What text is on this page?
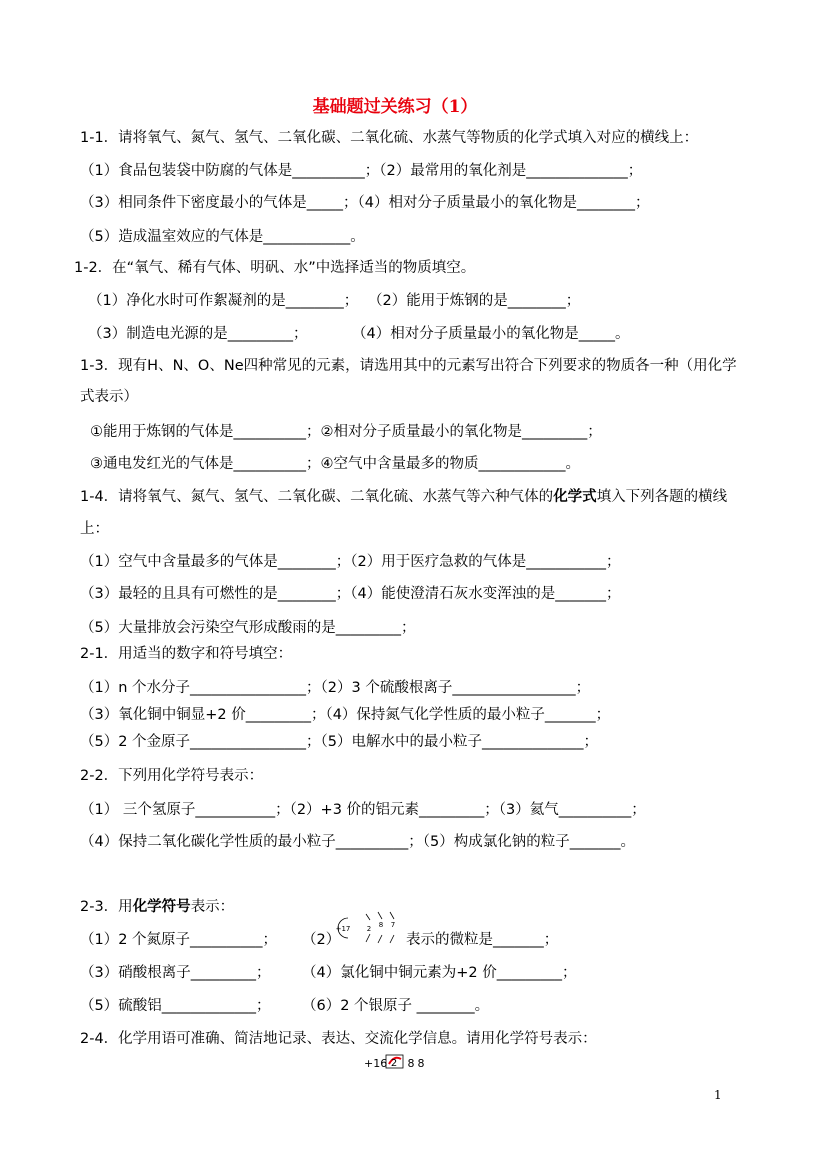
基础题过关练习（1）
1-1．请将氧气、氮气、氢气、二氧化碳、二氧化硫、水蒸气等物质的化学式填入对应的横线上：
（1）食品包装袋中防腐的气体是__________；（2）最常用的氧化剂是______________；
（3）相同条件下密度最小的气体是_____；（4）相对分子质量最小的氧化物是________；
（5）造成温室效应的气体是____________。
1-2．在“氧气、稀有气体、明矾、水”中选择适当的物质填空。
（1）净化水时可作絮凝剂的是________； （2）能用于炼钢的是________；
（3）制造电光源的是_________；	（4）相对分子质量最小的氧化物是_____。
1-3．现有H、N、O、Ne四种常见的元素，请选用其中的元素写出符合下列要求的物质各一种（用化学
式表示）
①能用于炼钢的气体是__________；②相对分子质量最小的氧化物是_________；
③通电发红光的气体是__________；④空气中含量最多的物质____________。
1-4．请将氧气、氮气、氢气、二氧化碳、二氧化硫、水蒸气等六种气体的化学式填入下列各题的横线
上：
（1）空气中含量最多的气体是________；（2）用于医疗急救的气体是___________；
（3）最轻的且具有可燃性的是________；（4）能使澄清石灰水变浑浊的是_______；
（5）大量排放会污染空气形成酸雨的是_________；
2-1．用适当的数字和符号填空：
（1）n 个水分子________________；（2）3 个硫酸根离子_________________；
（3）氧化铜中铜显+2 价_________；（4）保持氮气化学性质的最小粒子_______；
（5）2 个金原子________________；（5）电解水中的最小粒子______________；
2-2．下列用化学符号表示：
（1） 三个氢原子___________；（2）+3 价的铝元素_________；（3）氦气__________；
（4）保持二氧化碳化学性质的最小粒子__________；（5）构成氯化钠的粒子_______。
2-3．用化学符号表示：
（1）2 个氮原子__________； （2）
+17 2 8 7
表示的微粒是_______；
（3）硝酸根离子_________； （4）氯化铜中铜元素为+2 价_________；
（5）硫酸铝_____________； （6）2 个银原子 ________。
2-4．化学用语可准确、简洁地记录、表达、交流化学信息。请用化学符号表示：
+16 2 8 8
1
